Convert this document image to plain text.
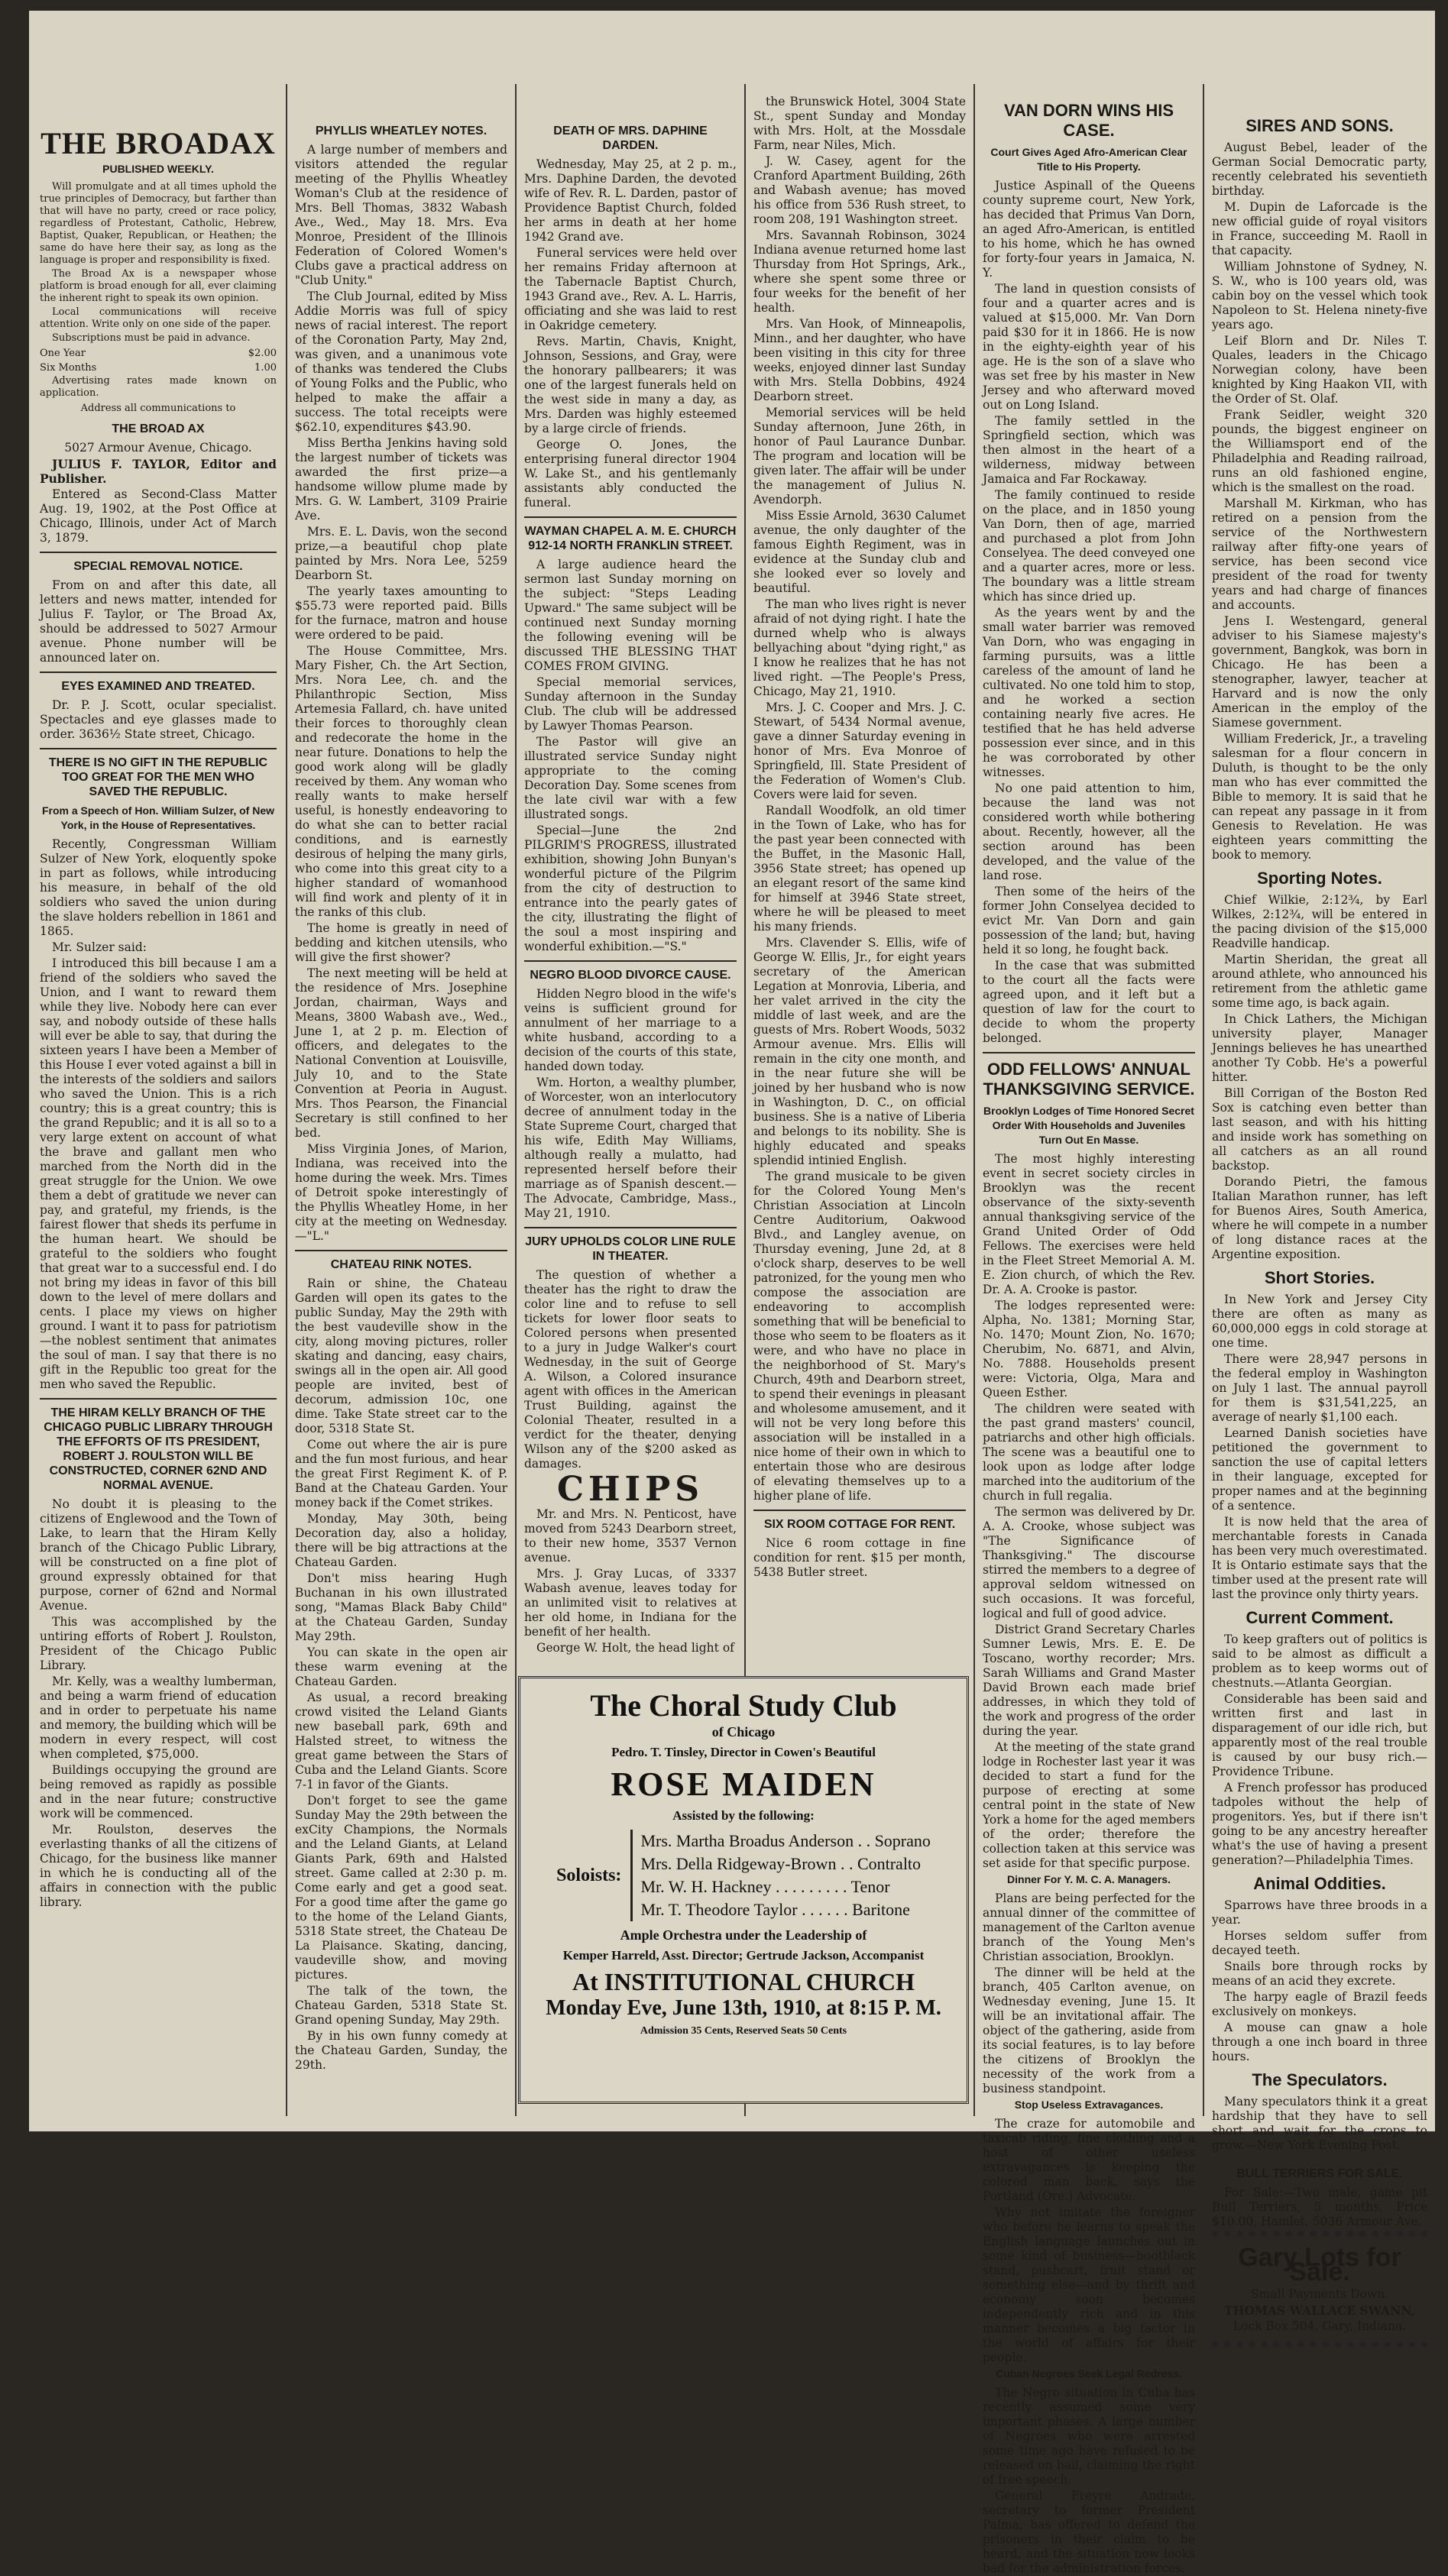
THE BROADAX
PUBLISHED WEEKLY.

Will promulgate and at all times uphold the true principles of Democracy, but farther than that will have no party, creed or race policy, regardless of Protestant, Catholic, Hebrew, Baptist, Quaker, Republican, or Heathen; the same do have here their say, as long as the language is proper and responsibility is fixed.

The Broad Ax is a newspaper whose platform is broad enough for all, ever claiming the inherent right to speak its own opinion.

Local communications will receive attention. Write only on one side of the paper.

Subscriptions must be paid in advance.

One Year	$2.00
Six Months	1.00

Advertising rates made known on application.

Address all communications to

THE BROAD AX

5027 Armour Avenue, Chicago.

JULIUS F. TAYLOR, Editor and Publisher.

Entered as Second-Class Matter Aug. 19, 1902, at the Post Office at Chicago, Illinois, under Act of March 3, 1879.

SPECIAL REMOVAL NOTICE.

From on and after this date, all letters and news matter, intended for Julius F. Taylor, or The Broad Ax, should be addressed to 5027 Armour avenue. Phone number will be announced later on.

EYES EXAMINED AND TREATED.

Dr. P. J. Scott, ocular specialist. Spectacles and eye glasses made to order. 3636½ State street, Chicago.

THERE IS NO GIFT IN THE REPUBLIC TOO GREAT FOR THE MEN WHO SAVED THE REPUBLIC.
From a Speech of Hon. William Sulzer, of New York, in the House of Representatives.

Recently, Congressman William Sulzer of New York, eloquently spoke in part as follows, while introducing his measure, in behalf of the old soldiers who saved the union during the slave holders rebellion in 1861 and 1865.

Mr. Sulzer said:

I introduced this bill because I am a friend of the soldiers who saved the Union, and I want to reward them while they live. Nobody here can ever say, and nobody outside of these halls will ever be able to say, that during the sixteen years I have been a Member of this House I ever voted against a bill in the interests of the soldiers and sailors who saved the Union. This is a rich country; this is a great country; this is the grand Republic; and it is all so to a very large extent on account of what the brave and gallant men who marched from the North did in the great struggle for the Union. We owe them a debt of gratitude we never can pay, and grateful, my friends, is the fairest flower that sheds its perfume in the human heart. We should be grateful to the soldiers who fought that great war to a successful end. I do not bring my ideas in favor of this bill down to the level of mere dollars and cents. I place my views on higher ground. I want it to pass for patriotism—the noblest sentiment that animates the soul of man. I say that there is no gift in the Republic too great for the men who saved the Republic.

THE HIRAM KELLY BRANCH OF THE CHICAGO PUBLIC LIBRARY THROUGH THE EFFORTS OF ITS PRESIDENT, ROBERT J. ROULSTON WILL BE CONSTRUCTED, CORNER 62ND AND NORMAL AVENUE.

No doubt it is pleasing to the citizens of Englewood and the Town of Lake, to learn that the Hiram Kelly branch of the Chicago Public Library, will be constructed on a fine plot of ground expressly obtained for that purpose, corner of 62nd and Normal Avenue.

This was accomplished by the untiring efforts of Robert J. Roulston, President of the Chicago Public Library.

Mr. Kelly, was a wealthy lumberman, and being a warm friend of education and in order to perpetuate his name and memory, the building which will be modern in every respect, will cost when completed, $75,000.

Buildings occupying the ground are being removed as rapidly as possible and in the near future; constructive work will be commenced.

Mr. Roulston, deserves the everlasting thanks of all the citizens of Chicago, for the business like manner in which he is conducting all of the affairs in connection with the public library.

PHYLLIS WHEATLEY NOTES.

A large number of members and visitors attended the regular meeting of the Phyllis Wheatley Woman's Club at the residence of Mrs. Bell Thomas, 3832 Wabash Ave., Wed., May 18. Mrs. Eva Monroe, President of the Illinois Federation of Colored Women's Clubs gave a practical address on "Club Unity."

The Club Journal, edited by Miss Addie Morris was full of spicy news of racial interest. The report of the Coronation Party, May 2nd, was given, and a unanimous vote of thanks was tendered the Clubs of Young Folks and the Public, who helped to make the affair a success. The total receipts were $62.10, expenditures $43.90.

Miss Bertha Jenkins having sold the largest number of tickets was awarded the first prize—a handsome willow plume made by Mrs. G. W. Lambert, 3109 Prairie Ave.

Mrs. E. L. Davis, won the second prize,—a beautiful chop plate painted by Mrs. Nora Lee, 5259 Dearborn St.

The yearly taxes amounting to $55.73 were reported paid. Bills for the furnace, matron and house were ordered to be paid.

The House Committee, Mrs. Mary Fisher, Ch. the Art Section, Mrs. Nora Lee, ch. and the Philanthropic Section, Miss Artemesia Fallard, ch. have united their forces to thoroughly clean and redecorate the home in the near future. Donations to help the good work along will be gladly received by them. Any woman who really wants to make herself useful, is honestly endeavoring to do what she can to better racial conditions, and is earnestly desirous of helping the many girls, who come into this great city to a higher standard of womanhood will find work and plenty of it in the ranks of this club.

The home is greatly in need of bedding and kitchen utensils, who will give the first shower?

The next meeting will be held at the residence of Mrs. Josephine Jordan, chairman, Ways and Means, 3800 Wabash ave., Wed., June 1, at 2 p. m. Election of officers, and delegates to the National Convention at Louisville, July 10, and to the State Convention at Peoria in August. Mrs. Thos Pearson, the Financial Secretary is still confined to her bed.

Miss Virginia Jones, of Marion, Indiana, was received into the home during the week. Mrs. Times of Detroit spoke interestingly of the Phyllis Wheatley Home, in her city at the meeting on Wednesday.—"L."

CHATEAU RINK NOTES.

Rain or shine, the Chateau Garden will open its gates to the public Sunday, May the 29th with the best vaudeville show in the city, along moving pictures, roller skating and dancing, easy chairs, swings all in the open air. All good people are invited, best of decorum, admission 10c, one dime. Take State street car to the door, 5318 State St.

Come out where the air is pure and the fun most furious, and hear the great First Regiment K. of P. Band at the Chateau Garden. Your money back if the Comet strikes.

Monday, May 30th, being Decoration day, also a holiday, there will be big attractions at the Chateau Garden.

Don't miss hearing Hugh Buchanan in his own illustrated song, "Mamas Black Baby Child" at the Chateau Garden, Sunday May 29th.

You can skate in the open air these warm evening at the Chateau Garden.

As usual, a record breaking crowd visited the Leland Giants new baseball park, 69th and Halsted street, to witness the great game between the Stars of Cuba and the Leland Giants. Score 7-1 in favor of the Giants.

Don't forget to see the game Sunday May the 29th between the exCity Champions, the Normals and the Leland Giants, at Leland Giants Park, 69th and Halsted street. Game called at 2:30 p. m. Come early and get a good seat. For a good time after the game go to the home of the Leland Giants, 5318 State street, the Chateau De La Plaisance. Skating, dancing, vaudeville show, and moving pictures.

The talk of the town, the Chateau Garden, 5318 State St. Grand opening Sunday, May 29th.

By in his own funny comedy at the Chateau Garden, Sunday, the 29th.

DEATH OF MRS. DAPHINE DARDEN.

Wednesday, May 25, at 2 p. m., Mrs. Daphine Darden, the devoted wife of Rev. R. L. Darden, pastor of Providence Baptist Church, folded her arms in death at her home 1942 Grand ave.

Funeral services were held over her remains Friday afternoon at the Tabernacle Baptist Church, 1943 Grand ave., Rev. A. L. Harris, officiating and she was laid to rest in Oakridge cemetery.

Revs. Martin, Chavis, Knight, Johnson, Sessions, and Gray, were the honorary pallbearers; it was one of the largest funerals held on the west side in many a day, as Mrs. Darden was highly esteemed by a large circle of friends.

George O. Jones, the enterprising funeral director 1904 W. Lake St., and his gentlemanly assistants ably conducted the funeral.

WAYMAN CHAPEL A. M. E. CHURCH 912-14 NORTH FRANKLIN STREET.

A large audience heard the sermon last Sunday morning on the subject: "Steps Leading Upward." The same subject will be continued next Sunday morning the following evening will be discussed THE BLESSING THAT COMES FROM GIVING.

Special memorial services, Sunday afternoon in the Sunday Club. The club will be addressed by Lawyer Thomas Pearson.

The Pastor will give an illustrated service Sunday night appropriate to the coming Decoration Day. Some scenes from the late civil war with a few illustrated songs.

Special—June the 2nd PILGRIM'S PROGRESS, illustrated exhibition, showing John Bunyan's wonderful picture of the Pilgrim from the city of destruction to entrance into the pearly gates of the city, illustrating the flight of the soul a most inspiring and wonderful exhibition.—"S."

NEGRO BLOOD DIVORCE CAUSE.

Hidden Negro blood in the wife's veins is sufficient ground for annulment of her marriage to a white husband, according to a decision of the courts of this state, handed down today.

Wm. Horton, a wealthy plumber, of Worcester, won an interlocutory decree of annulment today in the State Supreme Court, charged that his wife, Edith May Williams, although really a mulatto, had represented herself before their marriage as of Spanish descent.—The Advocate, Cambridge, Mass., May 21, 1910.

JURY UPHOLDS COLOR LINE RULE IN THEATER.

The question of whether a theater has the right to draw the color line and to refuse to sell tickets for lower floor seats to Colored persons when presented to a jury in Judge Walker's court Wednesday, in the suit of George A. Wilson, a Colored insurance agent with offices in the American Trust Building, against the Colonial Theater, resulted in a verdict for the theater, denying Wilson any of the $200 asked as damages.

CHIPS

Mr. and Mrs. N. Penticost, have moved from 5243 Dearborn street, to their new home, 3537 Vernon avenue.

Mrs. J. Gray Lucas, of 3337 Wabash avenue, leaves today for an unlimited visit to relatives at her old home, in Indiana for the benefit of her health.

George W. Holt, the head light of

the Brunswick Hotel, 3004 State St., spent Sunday and Monday with Mrs. Holt, at the Mossdale Farm, near Niles, Mich.

J. W. Casey, agent for the Cranford Apartment Building, 26th and Wabash avenue; has moved his office from 536 Rush street, to room 208, 191 Washington street.

Mrs. Savannah Robinson, 3024 Indiana avenue returned home last Thursday from Hot Springs, Ark., where she spent some three or four weeks for the benefit of her health.

Mrs. Van Hook, of Minneapolis, Minn., and her daughter, who have been visiting in this city for three weeks, enjoyed dinner last Sunday with Mrs. Stella Dobbins, 4924 Dearborn street.

Memorial services will be held Sunday afternoon, June 26th, in honor of Paul Laurance Dunbar. The program and location will be given later. The affair will be under the management of Julius N. Avendorph.

Miss Essie Arnold, 3630 Calumet avenue, the only daughter of the famous Eighth Regiment, was in evidence at the Sunday club and she looked ever so lovely and beautiful.

The man who lives right is never afraid of not dying right. I hate the durned whelp who is always bellyaching about "dying right," as I know he realizes that he has not lived right. —The People's Press, Chicago, May 21, 1910.

Mrs. J. C. Cooper and Mrs. J. C. Stewart, of 5434 Normal avenue, gave a dinner Saturday evening in honor of Mrs. Eva Monroe of Springfield, Ill. State President of the Federation of Women's Club. Covers were laid for seven.

Randall Woodfolk, an old timer in the Town of Lake, who has for the past year been connected with the Buffet, in the Masonic Hall, 3956 State street; has opened up an elegant resort of the same kind for himself at 3946 State street, where he will be pleased to meet his many friends.

Mrs. Clavender S. Ellis, wife of George W. Ellis, Jr., for eight years secretary of the American Legation at Monrovia, Liberia, and her valet arrived in the city the middle of last week, and are the guests of Mrs. Robert Woods, 5032 Armour avenue. Mrs. Ellis will remain in the city one month, and in the near future she will be joined by her husband who is now in Washington, D. C., on official business. She is a native of Liberia and belongs to its nobility. She is highly educated and speaks splendid intinied English.

The grand musicale to be given for the Colored Young Men's Christian Association at Lincoln Centre Auditorium, Oakwood Blvd., and Langley avenue, on Thursday evening, June 2d, at 8 o'clock sharp, deserves to be well patronized, for the young men who compose the association are endeavoring to accomplish something that will be beneficial to those who seem to be floaters as it were, and who have no place in the neighborhood of St. Mary's Church, 49th and Dearborn street, to spend their evenings in pleasant and wholesome amusement, and it will not be very long before this association will be installed in a nice home of their own in which to entertain those who are desirous of elevating themselves up to a higher plane of life.

SIX ROOM COTTAGE FOR RENT.

Nice 6 room cottage in fine condition for rent. $15 per month, 5438 Butler street.

The Choral Study Club
of Chicago
Pedro. T. Tinsley, Director in Cowen's Beautiful
ROSE MAIDEN
Assisted by the following:
Soloists:
Mrs. Martha Broadus Anderson . . Soprano
Mrs. Della Ridgeway-Brown . . Contralto
Mr. W. H. Hackney . . . . . . . . . Tenor
Mr. T. Theodore Taylor . . . . . . Baritone
Ample Orchestra under the Leadership of
Kemper Harreld, Asst. Director; Gertrude Jackson, Accompanist
At INSTITUTIONAL CHURCH
Monday Eve, June 13th, 1910, at 8:15 P. M.
Admission 35 Cents, Reserved Seats 50 Cents
VAN DORN WINS HIS CASE.
Court Gives Aged Afro-American Clear Title to His Property.

Justice Aspinall of the Queens county supreme court, New York, has decided that Primus Van Dorn, an aged Afro-American, is entitled to his home, which he has owned for forty-four years in Jamaica, N. Y.

The land in question consists of four and a quarter acres and is valued at $15,000. Mr. Van Dorn paid $30 for it in 1866. He is now in the eighty-eighth year of his age. He is the son of a slave who was set free by his master in New Jersey and who afterward moved out on Long Island.

The family settled in the Springfield section, which was then almost in the heart of a wilderness, midway between Jamaica and Far Rockaway.

The family continued to reside on the place, and in 1850 young Van Dorn, then of age, married and purchased a plot from John Conselyea. The deed conveyed one and a quarter acres, more or less. The boundary was a little stream which has since dried up.

As the years went by and the small water barrier was removed Van Dorn, who was engaging in farming pursuits, was a little careless of the amount of land he cultivated. No one told him to stop, and he worked a section containing nearly five acres. He testified that he has held adverse possession ever since, and in this he was corroborated by other witnesses.

No one paid attention to him, because the land was not considered worth while bothering about. Recently, however, all the section around has been developed, and the value of the land rose.

Then some of the heirs of the former John Conselyea decided to evict Mr. Van Dorn and gain possession of the land; but, having held it so long, he fought back.

In the case that was submitted to the court all the facts were agreed upon, and it left but a question of law for the court to decide to whom the property belonged.

ODD FELLOWS' ANNUAL THANKSGIVING SERVICE.
Brooklyn Lodges of Time Honored Secret Order With Households and Juveniles Turn Out En Masse.

The most highly interesting event in secret society circles in Brooklyn was the recent observance of the sixty-seventh annual thanksgiving service of the Grand United Order of Odd Fellows. The exercises were held in the Fleet Street Memorial A. M. E. Zion church, of which the Rev. Dr. A. A. Crooke is pastor.

The lodges represented were: Alpha, No. 1381; Morning Star, No. 1470; Mount Zion, No. 1670; Cherubim, No. 6871, and Alvin, No. 7888. Households present were: Victoria, Olga, Mara and Queen Esther.

The children were seated with the past grand masters' council, patriarchs and other high officials. The scene was a beautiful one to look upon as lodge after lodge marched into the auditorium of the church in full regalia.

The sermon was delivered by Dr. A. A. Crooke, whose subject was "The Significance of Thanksgiving." The discourse stirred the members to a degree of approval seldom witnessed on such occasions. It was forceful, logical and full of good advice.

District Grand Secretary Charles Sumner Lewis, Mrs. E. E. De Toscano, worthy recorder; Mrs. Sarah Williams and Grand Master David Brown each made brief addresses, in which they told of the work and progress of the order during the year.

At the meeting of the state grand lodge in Rochester last year it was decided to start a fund for the purpose of erecting at some central point in the state of New York a home for the aged members of the order; therefore the collection taken at this service was set aside for that specific purpose.

Dinner For Y. M. C. A. Managers.

Plans are being perfected for the annual dinner of the committee of management of the Carlton avenue branch of the Young Men's Christian association, Brooklyn.

The dinner will be held at the branch, 405 Carlton avenue, on Wednesday evening, June 15. It will be an invitational affair. The object of the gathering, aside from its social features, is to lay before the citizens of Brooklyn the necessity of the work from a business standpoint.

Stop Useless Extravagances.

The craze for automobile and taxicab riding, fine clothing and a host of other useless extravagances is keeping the colored man back, says the Portland (Ore.) Advocate.

Why not imitate the foreigner who before he learns to speak the English language launches out in some kind of business—bootblack stand, pushcart, fruit stand or something else—and by thrift and economy soon becomes independently rich and in this manner becomes a big factor in the world of affairs for their people.

Cuban Negroes Seek Legal Redress.

The Negro situation in Cuba has recently assumed some very important phases. A large number of Negroes who were arrested some time ago have refused to be released on bail, claiming the right of free speech.

General Freyre Andrade, secretary to former President Palma, has offered to defend the prisoners in their claim to be heard, and the situation now looks bad for the administration forces.

SIRES AND SONS.

August Bebel, leader of the German Social Democratic party, recently celebrated his seventieth birthday.

M. Dupin de Laforcade is the new official guide of royal visitors in France, succeeding M. Raoll in that capacity.

William Johnstone of Sydney, N. S. W., who is 100 years old, was cabin boy on the vessel which took Napoleon to St. Helena ninety-five years ago.

Leif Blorn and Dr. Niles T. Quales, leaders in the Chicago Norwegian colony, have been knighted by King Haakon VII, with the Order of St. Olaf.

Frank Seidler, weight 320 pounds, the biggest engineer on the Williamsport end of the Philadelphia and Reading railroad, runs an old fashioned engine, which is the smallest on the road.

Marshall M. Kirkman, who has retired on a pension from the service of the Northwestern railway after fifty-one years of service, has been second vice president of the road for twenty years and had charge of finances and accounts.

Jens I. Westengard, general adviser to his Siamese majesty's government, Bangkok, was born in Chicago. He has been a stenographer, lawyer, teacher at Harvard and is now the only American in the employ of the Siamese government.

William Frederick, Jr., a traveling salesman for a flour concern in Duluth, is thought to be the only man who has ever committed the Bible to memory. It is said that he can repeat any passage in it from Genesis to Revelation. He was eighteen years committing the book to memory.

Sporting Notes.

Chief Wilkie, 2:12¾, by Earl Wilkes, 2:12¾, will be entered in the pacing division of the $15,000 Readville handicap.

Martin Sheridan, the great all around athlete, who announced his retirement from the athletic game some time ago, is back again.

In Chick Lathers, the Michigan university player, Manager Jennings believes he has unearthed another Ty Cobb. He's a powerful hitter.

Bill Corrigan of the Boston Red Sox is catching even better than last season, and with his hitting and inside work has something on all catchers as an all round backstop.

Dorando Pietri, the famous Italian Marathon runner, has left for Buenos Aires, South America, where he will compete in a number of long distance races at the Argentine exposition.

Short Stories.

In New York and Jersey City there are often as many as 60,000,000 eggs in cold storage at one time.

There were 28,947 persons in the federal employ in Washington on July 1 last. The annual payroll for them is $31,541,225, an average of nearly $1,100 each.

Learned Danish societies have petitioned the government to sanction the use of capital letters in their language, excepted for proper names and at the beginning of a sentence.

It is now held that the area of merchantable forests in Canada has been very much overestimated. It is Ontario estimate says that the timber used at the present rate will last the province only thirty years.

Current Comment.

To keep grafters out of politics is said to be almost as difficult a problem as to keep worms out of chestnuts.—Atlanta Georgian.

Considerable has been said and written first and last in disparagement of our idle rich, but apparently most of the real trouble is caused by our busy rich.—Providence Tribune.

A French professor has produced tadpoles without the help of progenitors. Yes, but if there isn't going to be any ancestry hereafter what's the use of having a present generation?—Philadelphia Times.

Animal Oddities.

Sparrows have three broods in a year.

Horses seldom suffer from decayed teeth.

Snails bore through rocks by means of an acid they excrete.

The harpy eagle of Brazil feeds exclusively on monkeys.

A mouse can gnaw a hole through a one inch board in three hours.

The Speculators.

Many speculators think it a great hardship that they have to sell short and wait for the crops to grow.—New York Evening Post.

BULL TERRIERS FOR SALE.

For Sale:—Two male, game pit Bull Terriers, 5 months, Price $10.00, Hamlet, 5036 Armour Ave.

Gary Lots for Sale.

Small Payments Down.

THOMAS WALLACE SWANN,

Lock Box 504, Gary, Indiana.
